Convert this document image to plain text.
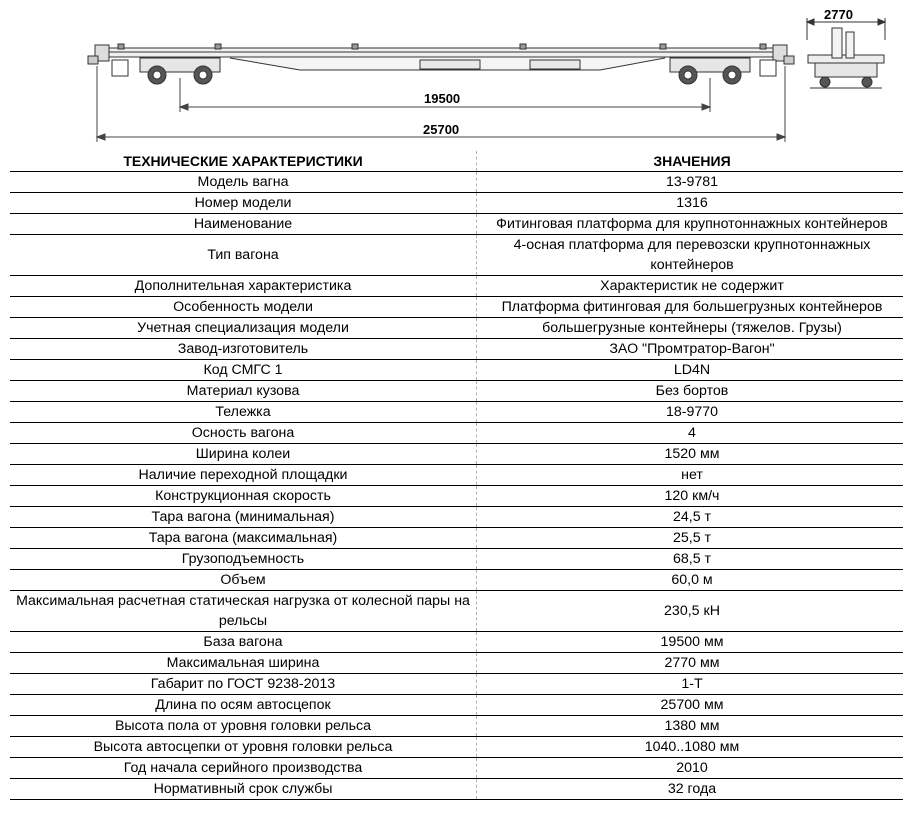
2770
19500
25700
ТЕХНИЧЕСКИЕ ХАРАКТЕРИСТИКИ	ЗНАЧЕНИЯ
Модель вагна	13-9781
Номер модели	1316
Наименование	Фитинговая платформа для крупнотоннажных контейнеров
Тип вагона	4-осная платформа для перевозски крупнотоннажных контейнеров
Дополнительная характеристика	Характеристик не содержит
Особенность модели	Платформа фитинговая для большегрузных контейнеров
Учетная специализация модели	большегрузные контейнеры (тяжелов. Грузы)
Завод-изготовитель	ЗАО "Промтратор-Вагон"
Код СМГС 1	LD4N
Материал кузова	Без бортов
Тележка	18-9770
Осность вагона	4
Ширина колеи	1520 мм
Наличие переходной площадки	нет
Конструкционная скорость	120 км/ч
Тара вагона (минимальная)	24,5 т
Тара вагона (максимальная)	25,5 т
Грузоподъемность	68,5 т
Объем	60,0 м
Максимальная расчетная статическая нагрузка от колесной пары на рельсы	230,5 кН
База вагона	19500 мм
Максимальная ширина	2770 мм
Габарит по ГОСТ 9238-2013	1-Т
Длина по осям автосцепок	25700 мм
Высота пола от уровня головки рельса	1380 мм
Высота автосцепки от уровня головки рельса	1040..1080 мм
Год начала серийного производства	2010
Нормативный срок службы	32 года
